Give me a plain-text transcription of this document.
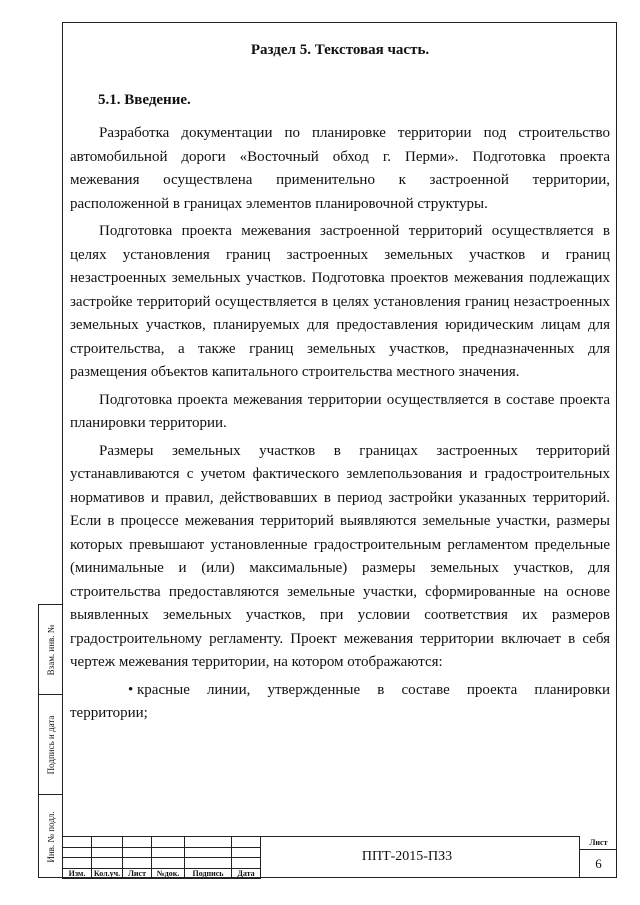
Раздел 5. Текстовая часть.
5.1. Введение.

Разработка документации по планировке территории под строительство автомобильной дороги «Восточный обход г. Перми». Подготовка проекта межевания осуществлена применительно к застроенной территории, расположенной в границах элементов планировочной структуры.

Подготовка проекта межевания застроенной территорий осуществляется в целях установления границ застроенных земельных участков и границ незастроенных земельных участков. Подготовка проектов межевания подлежащих застройке территорий осуществляется в целях установления границ незастроенных земельных участков, планируемых для предоставления юридическим лицам для строительства, а также границ земельных участков, предназначенных для размещения объектов капитального строительства местного значения.

Подготовка проекта межевания территории осуществляется в составе проекта планировки территории.

Размеры земельных участков в границах застроенных территорий устанавливаются с учетом фактического землепользования и градостроительных нормативов и правил, действовавших в период застройки указанных территорий. Если в процессе межевания территорий выявляются земельные участки, размеры которых превышают установленные градостроительным регламентом предельные (минимальные и (или) максимальные) размеры земельных участков, для строительства предоставляются земельные участки, сформированные на основе выявленных земельных участков, при условии соответствия их размеров градостроительному регламенту. Проект межевания территории включает в себя чертеж межевания территории, на котором отображаются:

• красные линии, утвержденные в составе проекта планировки территории;

Взам. инв. №
Подпись и дата
Инв. № подл.

Изм.	Кол.уч.	Лист	№док.	Подпись	Дата
ППТ-2015-ПЗ3
Лист
6
